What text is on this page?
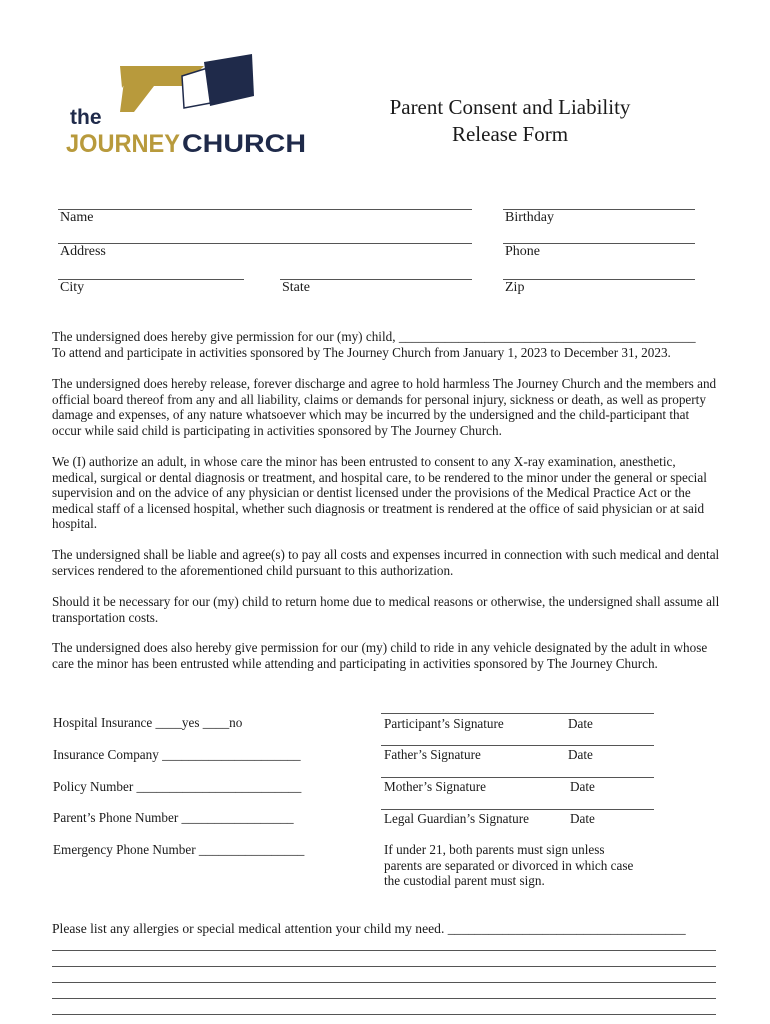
the
JOURNEY CHURCH
Parent Consent and Liability
Release Form
Name	Birthday
Address	Phone
City	State	Zip
The undersigned does hereby give permission for our (my) child, _____________________________________________
To attend and participate in activities sponsored by The Journey Church from January 1, 2023 to December 31, 2023.

The undersigned does hereby release, forever discharge and agree to hold harmless The Journey Church and the members and official board thereof from any and all liability, claims or demands for personal injury, sickness or death, as well as property damage and expenses, of any nature whatsoever which may be incurred by the undersigned and the child-participant that occur while said child is participating in activities sponsored by The Journey Church.

We (I) authorize an adult, in whose care the minor has been entrusted to consent to any X-ray examination, anesthetic, medical, surgical or dental diagnosis or treatment, and hospital care, to be rendered to the minor under the general or special supervision and on the advice of any physician or dentist licensed under the provisions of the Medical Practice Act or the medical staff of a licensed hospital, whether such diagnosis or treatment is rendered at the office of said physician or at said hospital.

The undersigned shall be liable and agree(s) to pay all costs and expenses incurred in connection with such medical and dental services rendered to the aforementioned child pursuant to this authorization.

Should it be necessary for our (my) child to return home due to medical reasons or otherwise, the undersigned shall assume all transportation costs.

The undersigned does also hereby give permission for our (my) child to ride in any vehicle designated by the adult in whose care the minor has been entrusted while attending and participating in activities sponsored by The Journey Church.

Hospital Insurance ____yes ____no
Insurance Company _____________________
Policy Number _________________________
Parent’s Phone Number _________________
Emergency Phone Number ________________
Participant’s Signature	Date
Father’s Signature	Date
Mother’s Signature	Date
Legal Guardian’s Signature	Date
If under 21, both parents must sign unless
parents are separated or divorced in which case
the custodial parent must sign.
Please list any allergies or special medical attention your child my need. ___________________________________
